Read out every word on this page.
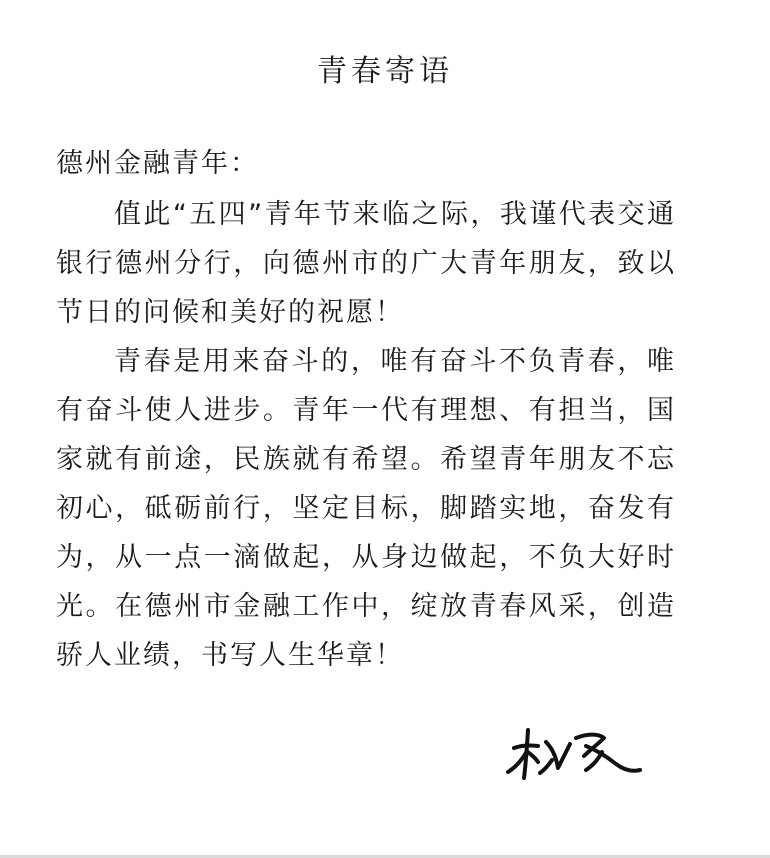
青春寄语
德州金融青年：

值此“五四”青年节来临之际，我谨代表交通银行德州分行，向德州市的广大青年朋友，致以节日的问候和美好的祝愿！

青春是用来奋斗的，唯有奋斗不负青春，唯有奋斗使人进步。青年一代有理想、有担当，国家就有前途，民族就有希望。希望青年朋友不忘初心，砥砺前行，坚定目标，脚踏实地，奋发有为，从一点一滴做起，从身边做起，不负大好时光。在德州市金融工作中，绽放青春风采，创造骄人业绩，书写人生华章！
